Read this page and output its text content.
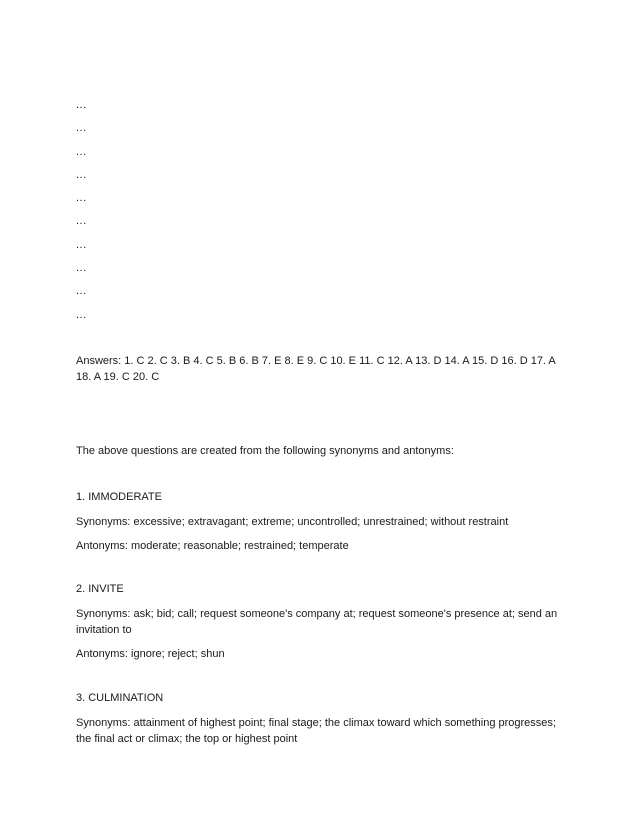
...

...

...

...

...

...

...

...

...

...

Answers: 1. C 2. C 3. B 4. C 5. B 6. B 7. E 8. E 9. C 10. E 11. C 12. A 13. D 14. A 15. D 16. D 17. A 18. A 19. C 20. C

The above questions are created from the following synonyms and antonyms:

1. IMMODERATE

Synonyms: excessive; extravagant; extreme; uncontrolled; unrestrained; without restraint

Antonyms: moderate; reasonable; restrained; temperate

2. INVITE

Synonyms: ask; bid; call; request someone's company at; request someone's presence at; send an invitation to

Antonyms: ignore; reject; shun

3. CULMINATION

Synonyms: attainment of highest point; final stage; the climax toward which something progresses; the final act or climax; the top or highest point
